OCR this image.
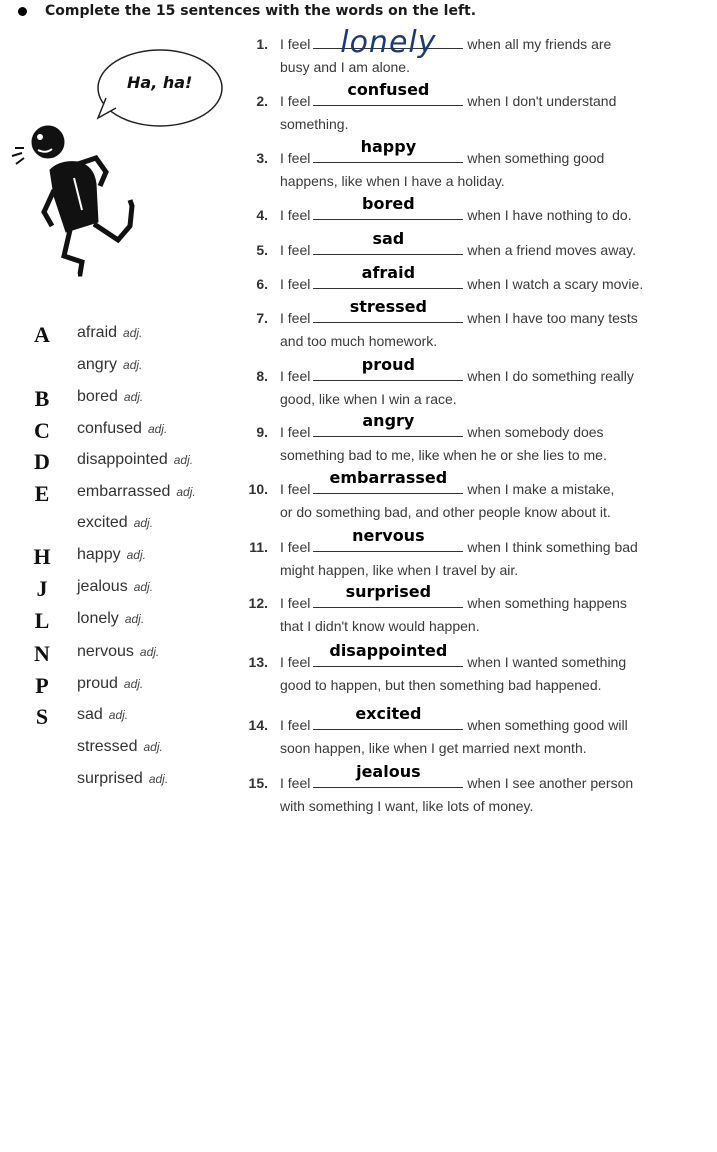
Complete the 15 sentences with the words on the left.
Ha, ha!
A afraid adj.
angry adj.
B bored adj.
C confused adj.
D disappointed adj.
E embarrassed adj.
excited adj.
H happy adj.
J	jealous adj.
L lonely adj.
N nervous adj.
P	proud adj.
S	sad adj.
stressed adj.
surprised adj.
1. I feel lonely	when all my friends are
busy and I am alone.
2. I feel
confused
when I don't understand
something.
3. I feel
happy
when something good
happens, like when I have a holiday.
4. I feel
bored
when I have nothing to do.
5. I feel
sad
when a friend moves away.
6. I feel
afraid
when I watch a scary movie.
7. I feel
stressed
when I have too many tests
and too much homework.
8. I feel
proud
when I do something really
good, like when I win a race.
9. I feel
angry
when somebody does
something bad to me, like when he or she lies to me.
10. I feel
embarrassed
when I make a mistake,
or do something bad, and other people know about it.
11. I feel
nervous
when I think something bad
might happen, like when I travel by air.
12. I feel
surprised
when something happens
that I didn't know would happen.
13. I feel
disappointed
when I wanted something
good to happen, but then something bad happened.
14. I feel
excited
when something good will
soon happen, like when I get married next month.
15. I feel
jealous
when I see another person
with something I want, like lots of money.
